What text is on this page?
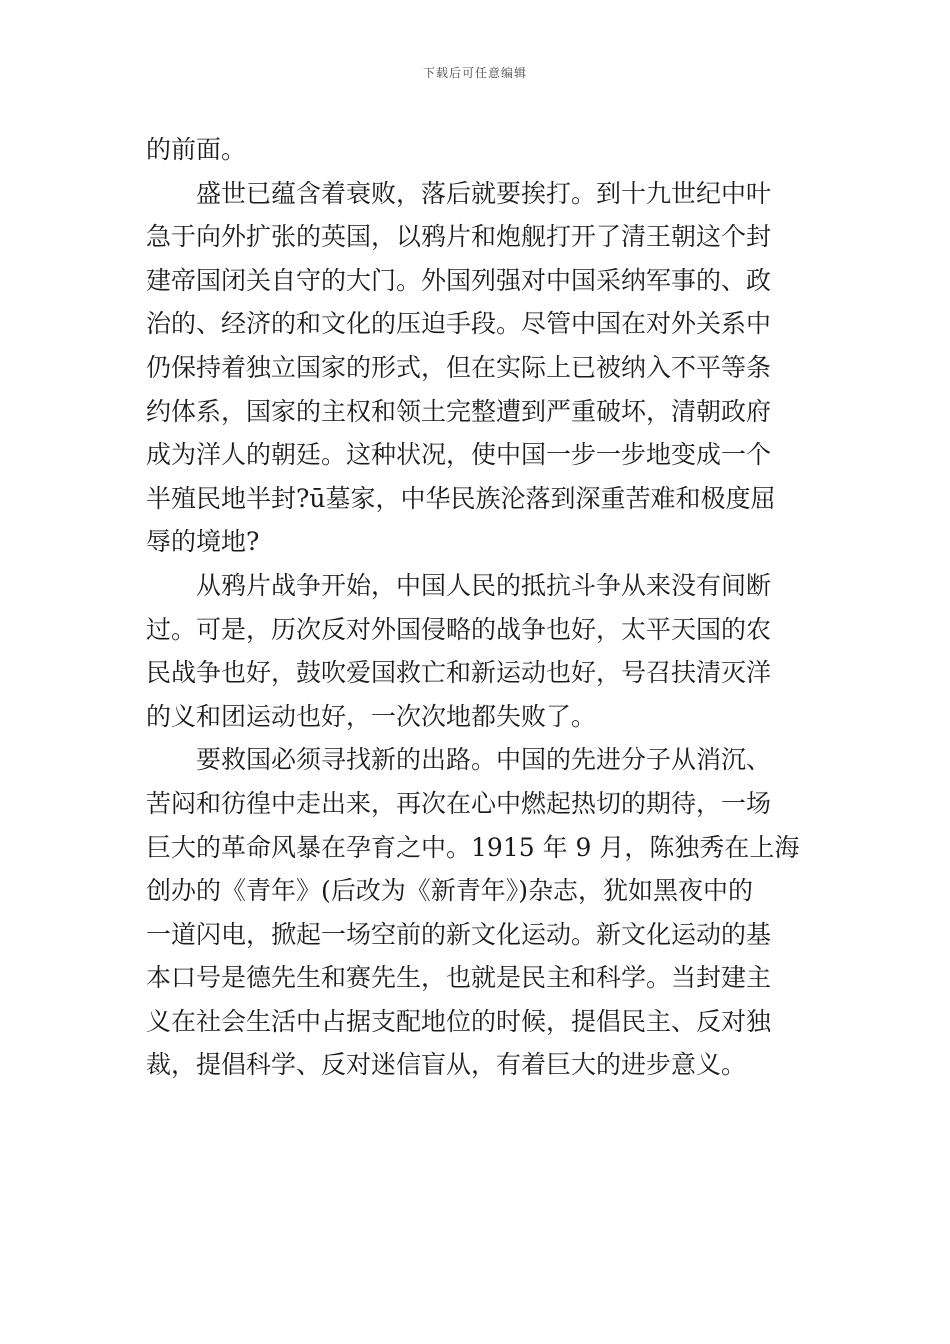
下载后可任意编辑
的前面。
　　盛世已蕴含着衰败，落后就要挨打。到十九世纪中叶
急于向外扩张的英国，以鸦片和炮舰打开了清王朝这个封
建帝国闭关自守的大门。外国列强对中国采纳军事的、政
治的、经济的和文化的压迫手段。尽管中国在对外关系中
仍保持着独立国家的形式，但在实际上已被纳入不平等条
约体系，国家的主权和领土完整遭到严重破坏，清朝政府
成为洋人的朝廷。这种状况，使中国一步一步地变成一个
半殖民地半封?ū墓家，中华民族沦落到深重苦难和极度屈
辱的境地?
　　从鸦片战争开始，中国人民的抵抗斗争从来没有间断
过。可是，历次反对外国侵略的战争也好，太平天国的农
民战争也好，鼓吹爱国救亡和新运动也好，号召扶清灭洋
的义和团运动也好，一次次地都失败了。
　　要救国必须寻找新的出路。中国的先进分子从消沉、
苦闷和彷徨中走出来，再次在心中燃起热切的期待，一场
巨大的革命风暴在孕育之中。1915 年 9 月，陈独秀在上海
创办的《青年》(后改为《新青年》)杂志，犹如黑夜中的
一道闪电，掀起一场空前的新文化运动。新文化运动的基
本口号是德先生和赛先生，也就是民主和科学。当封建主
义在社会生活中占据支配地位的时候，提倡民主、反对独
裁，提倡科学、反对迷信盲从，有着巨大的进步意义。
